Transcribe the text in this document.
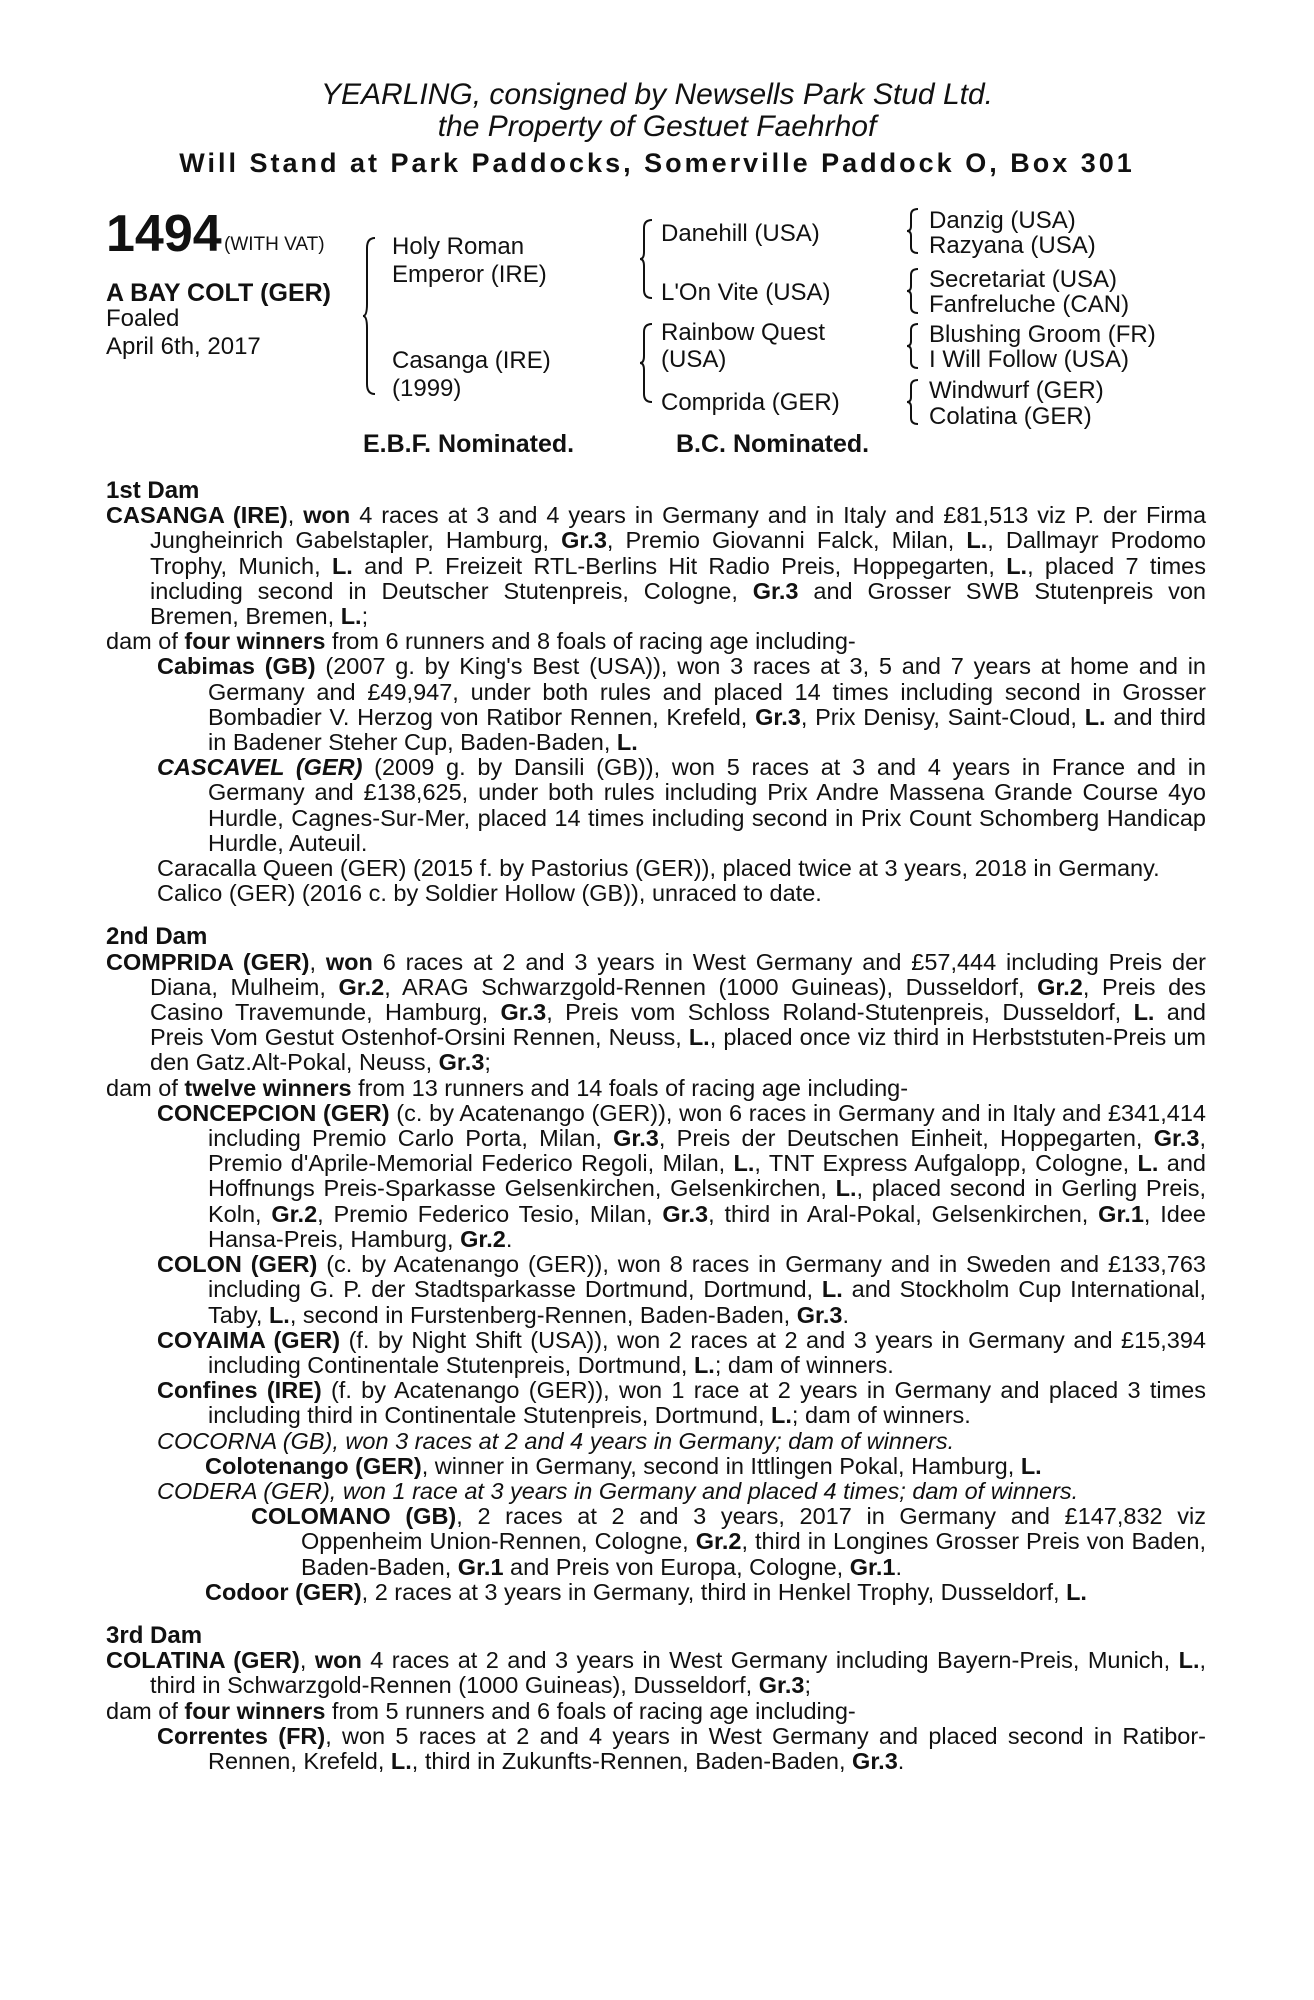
YEARLING, consigned by Newsells Park Stud Ltd.
the Property of Gestuet Faehrhof
Will Stand at Park Paddocks, Somerville Paddock O, Box 301
1494 (WITH VAT)
A BAY COLT (GER)
Foaled
April 6th, 2017
Holy Roman
Emperor (IRE)
Casanga (IRE)
(1999)
Danehill (USA)
L'On Vite (USA)
Rainbow Quest
(USA)
Comprida (GER)
Danzig (USA)
Razyana (USA)
Secretariat (USA)
Fanfreluche (CAN)
Blushing Groom (FR)
I Will Follow (USA)
Windwurf (GER)
Colatina (GER)
E.B.F. Nominated.	B.C. Nominated.
1st Dam
CASANGA (IRE), won 4 races at 3 and 4 years in Germany and in Italy and £81,513 viz P. der Firma Jungheinrich Gabelstapler, Hamburg, Gr.3, Premio Giovanni Falck, Milan, L., Dallmayr Prodomo Trophy, Munich, L. and P. Freizeit RTL-Berlins Hit Radio Preis, Hoppegarten, L., placed 7 times including second in Deutscher Stutenpreis, Cologne, Gr.3 and Grosser SWB Stutenpreis von Bremen, Bremen, L.;
dam of four winners from 6 runners and 8 foals of racing age including-
Cabimas (GB) (2007 g. by King's Best (USA)), won 3 races at 3, 5 and 7 years at home and in Germany and £49,947, under both rules and placed 14 times including second in Grosser Bombadier V. Herzog von Ratibor Rennen, Krefeld, Gr.3, Prix Denisy, Saint-Cloud, L. and third in Badener Steher Cup, Baden-Baden, L.
CASCAVEL (GER) (2009 g. by Dansili (GB)), won 5 races at 3 and 4 years in France and in Germany and £138,625, under both rules including Prix Andre Massena Grande Course 4yo Hurdle, Cagnes-Sur-Mer, placed 14 times including second in Prix Count Schomberg Handicap Hurdle, Auteuil.
Caracalla Queen (GER) (2015 f. by Pastorius (GER)), placed twice at 3 years, 2018 in Germany.
Calico (GER) (2016 c. by Soldier Hollow (GB)), unraced to date.
2nd Dam
COMPRIDA (GER), won 6 races at 2 and 3 years in West Germany and £57,444 including Preis der Diana, Mulheim, Gr.2, ARAG Schwarzgold-Rennen (1000 Guineas), Dusseldorf, Gr.2, Preis des Casino Travemunde, Hamburg, Gr.3, Preis vom Schloss Roland-Stutenpreis, Dusseldorf, L. and Preis Vom Gestut Ostenhof-Orsini Rennen, Neuss, L., placed once viz third in Herbststuten-Preis um den Gatz.Alt-Pokal, Neuss, Gr.3;
dam of twelve winners from 13 runners and 14 foals of racing age including-
CONCEPCION (GER) (c. by Acatenango (GER)), won 6 races in Germany and in Italy and £341,414 including Premio Carlo Porta, Milan, Gr.3, Preis der Deutschen Einheit, Hoppegarten, Gr.3, Premio d'Aprile-Memorial Federico Regoli, Milan, L., TNT Express Aufgalopp, Cologne, L. and Hoffnungs Preis-Sparkasse Gelsenkirchen, Gelsenkirchen, L., placed second in Gerling Preis, Koln, Gr.2, Premio Federico Tesio, Milan, Gr.3, third in Aral-Pokal, Gelsenkirchen, Gr.1, Idee Hansa-Preis, Hamburg, Gr.2.
COLON (GER) (c. by Acatenango (GER)), won 8 races in Germany and in Sweden and £133,763 including G. P. der Stadtsparkasse Dortmund, Dortmund, L. and Stockholm Cup International, Taby, L., second in Furstenberg-Rennen, Baden-Baden, Gr.3.
COYAIMA (GER) (f. by Night Shift (USA)), won 2 races at 2 and 3 years in Germany and £15,394 including Continentale Stutenpreis, Dortmund, L.; dam of winners.
Confines (IRE) (f. by Acatenango (GER)), won 1 race at 2 years in Germany and placed 3 times including third in Continentale Stutenpreis, Dortmund, L.; dam of winners.
COCORNA (GB), won 3 races at 2 and 4 years in Germany; dam of winners.
Colotenango (GER), winner in Germany, second in Ittlingen Pokal, Hamburg, L.
CODERA (GER), won 1 race at 3 years in Germany and placed 4 times; dam of winners.
COLOMANO (GB), 2 races at 2 and 3 years, 2017 in Germany and £147,832 viz Oppenheim Union-Rennen, Cologne, Gr.2, third in Longines Grosser Preis von Baden, Baden-Baden, Gr.1 and Preis von Europa, Cologne, Gr.1.
Codoor (GER), 2 races at 3 years in Germany, third in Henkel Trophy, Dusseldorf, L.
3rd Dam
COLATINA (GER), won 4 races at 2 and 3 years in West Germany including Bayern-Preis, Munich, L., third in Schwarzgold-Rennen (1000 Guineas), Dusseldorf, Gr.3;
dam of four winners from 5 runners and 6 foals of racing age including-
Correntes (FR), won 5 races at 2 and 4 years in West Germany and placed second in Ratibor-Rennen, Krefeld, L., third in Zukunfts-Rennen, Baden-Baden, Gr.3.
